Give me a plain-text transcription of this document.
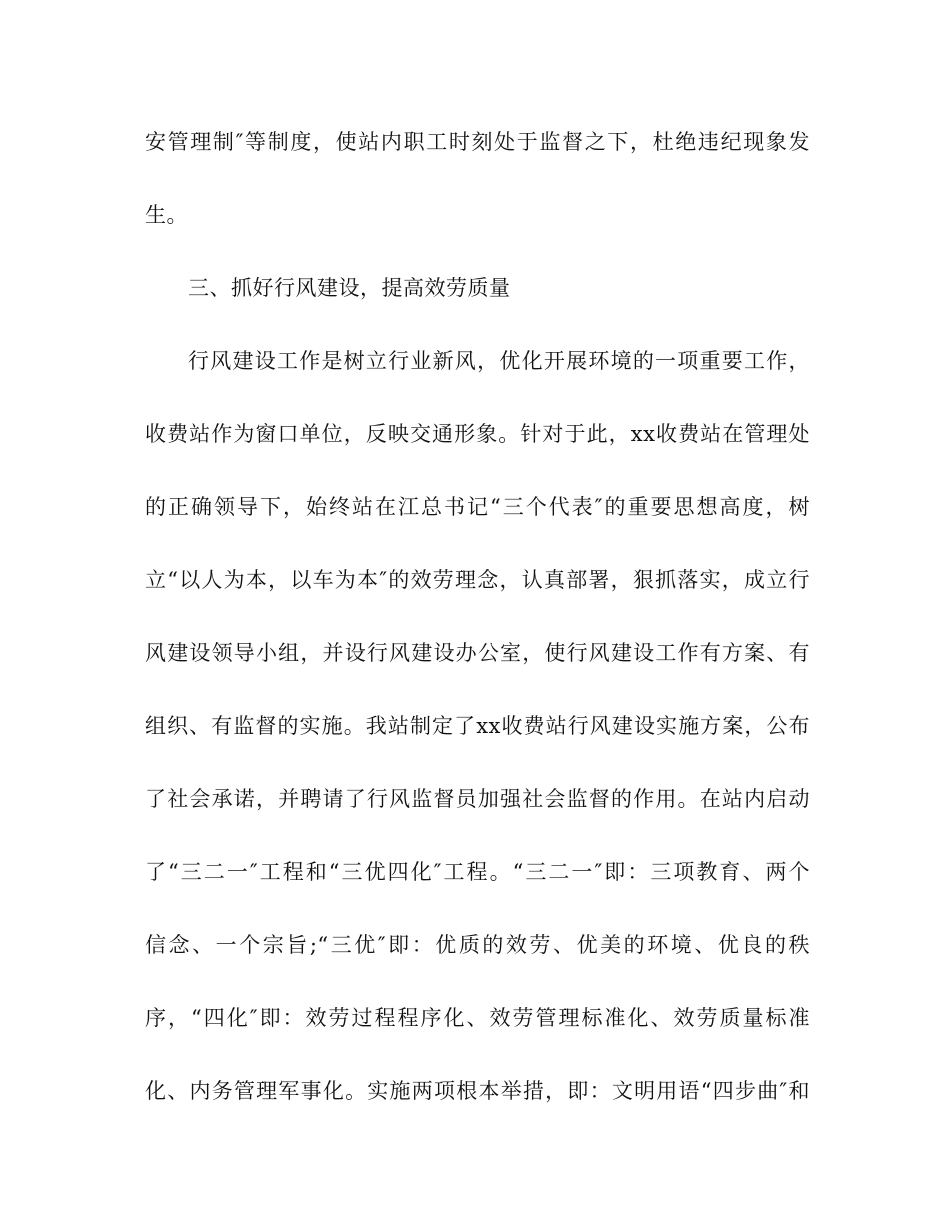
安管理制″等制度，使站内职工时刻处于监督之下，杜绝违纪现象发
生。
三、抓好行风建设，提高效劳质量
行风建设工作是树立行业新风，优化开展环境的一项重要工作，
收费站作为窗口单位，反映交通形象。针对于此，xx收费站在管理处
的正确领导下，始终站在江总书记“三个代表″的重要思想高度，树
立“以人为本，以车为本″的效劳理念，认真部署，狠抓落实，成立行
风建设领导小组，并设行风建设办公室，使行风建设工作有方案、有
组织、有监督的实施。我站制定了xx收费站行风建设实施方案，公布
了社会承诺，并聘请了行风监督员加强社会监督的作用。在站内启动
了“三二一″工程和“三优四化″工程。“三二一″即：三项教育、两个
信念、一个宗旨;“三优″即：优质的效劳、优美的环境、优良的秩
序，“四化″即：效劳过程程序化、效劳管理标准化、效劳质量标准
化、内务管理军事化。实施两项根本举措，即：文明用语“四步曲″和
